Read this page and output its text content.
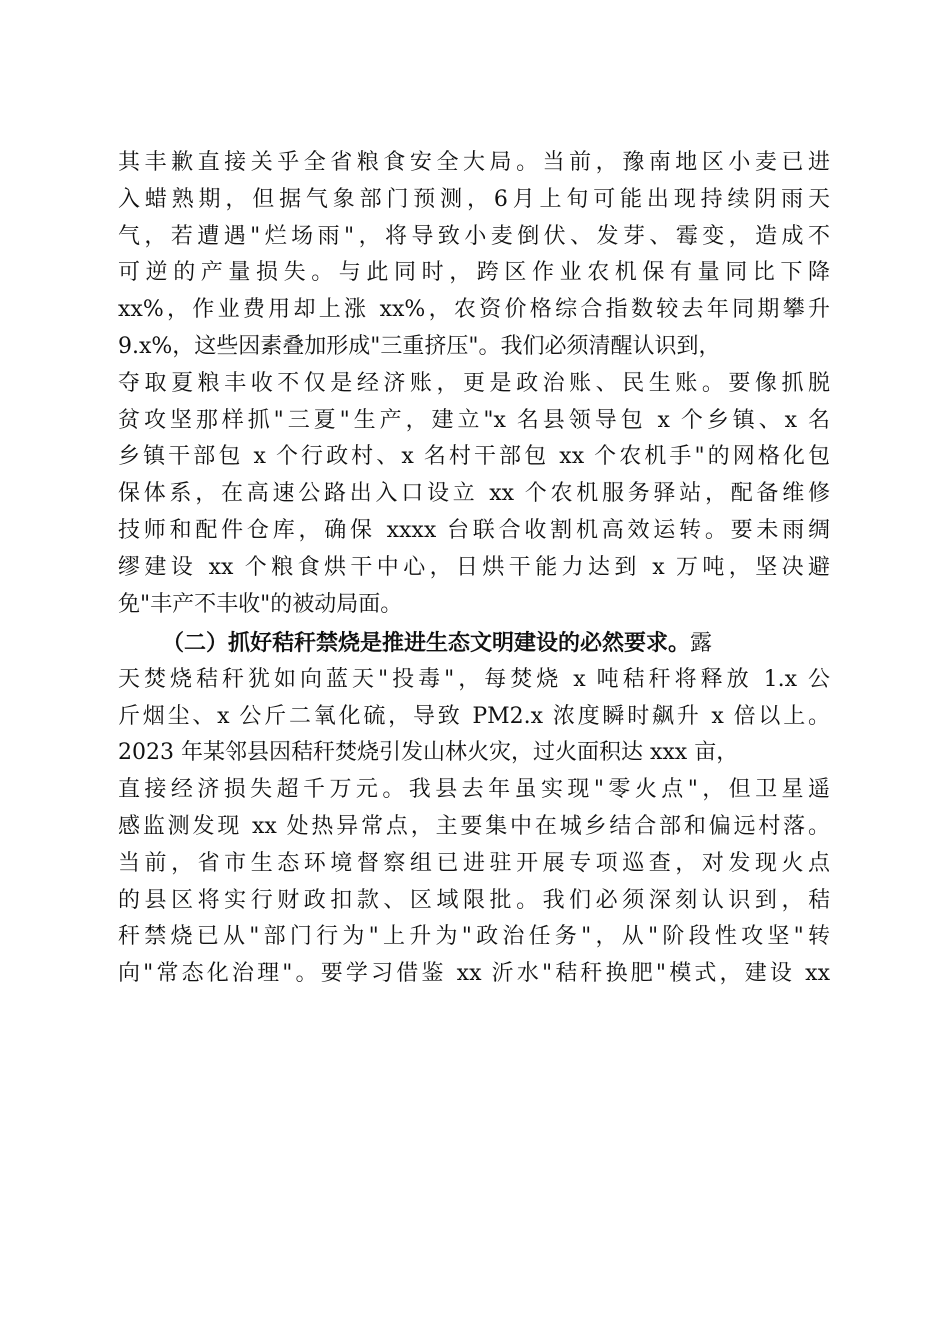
其丰歉直接关乎全省粮食安全大局。当前，豫南地区小麦已进
入蜡熟期，但据气象部门预测，6月上旬可能出现持续阴雨天
气，若遭遇"烂场雨"，将导致小麦倒伏、发芽、霉变，造成不
可逆的产量损失。与此同时，跨区作业农机保有量同比下降
xx%，作业费用却上涨 xx%，农资价格综合指数较去年同期攀升
9.x%，这些因素叠加形成"三重挤压"。我们必须清醒认识到，
夺取夏粮丰收不仅是经济账，更是政治账、民生账。要像抓脱
贫攻坚那样抓"三夏"生产，建立"x 名县领导包 x 个乡镇、x 名
乡镇干部包 x 个行政村、x 名村干部包 xx 个农机手"的网格化包
保体系，在高速公路出入口设立 xx 个农机服务驿站，配备维修
技师和配件仓库，确保 xxxx 台联合收割机高效运转。要未雨绸
缪建设 xx 个粮食烘干中心，日烘干能力达到 x 万吨，坚决避
免"丰产不丰收"的被动局面。
（二）抓好秸秆禁烧是推进生态文明建设的必然要求。露
天焚烧秸秆犹如向蓝天"投毒"，每焚烧 x 吨秸秆将释放 1.x 公
斤烟尘、x 公斤二氧化硫，导致 PM2.x 浓度瞬时飙升 x 倍以上。
2023 年某邻县因秸秆焚烧引发山林火灾，过火面积达 xxx 亩，
直接经济损失超千万元。我县去年虽实现"零火点"，但卫星遥
感监测发现 xx 处热异常点，主要集中在城乡结合部和偏远村落。
当前，省市生态环境督察组已进驻开展专项巡查，对发现火点
的县区将实行财政扣款、区域限批。我们必须深刻认识到，秸
秆禁烧已从"部门行为"上升为"政治任务"，从"阶段性攻坚"转
向"常态化治理"。要学习借鉴 xx 沂水"秸秆换肥"模式，建设 xx
